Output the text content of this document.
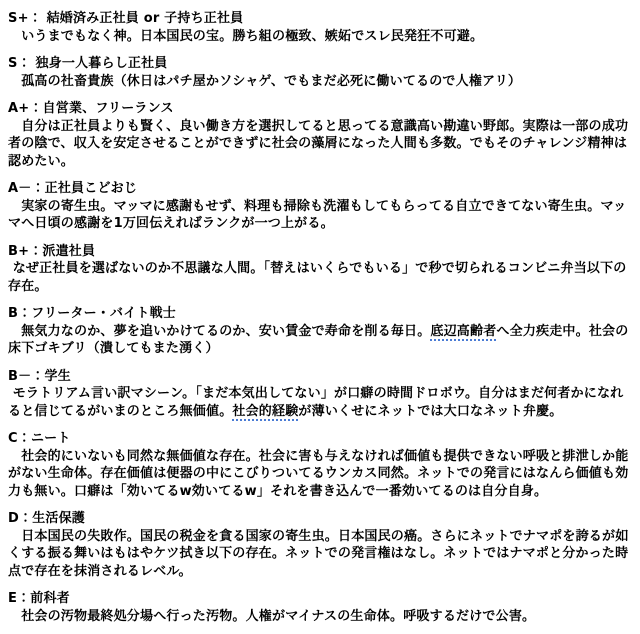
S+： 結婚済み正社員 or 子持ち正社員
　いうまでもなく神。日本国民の宝。勝ち組の極致、嫉妬でスレ民発狂不可避。
S： 独身一人暮らし正社員
　孤高の社畜貴族（休日はパチ屋かソシャゲ、でもまだ必死に働いてるので人権アリ）
A+：自営業、フリーランス
　自分は正社員よりも賢く、良い働き方を選択してると思ってる意識高い勘違い野郎。実際は一部の成功者の陰で、収入を安定させることができずに社会の藻屑になった人間も多数。でもそのチャレンジ精神は認めたい。
A－：正社員こどおじ
　実家の寄生虫。マッマに感謝もせず、料理も掃除も洗濯もしてもらってる自立できてない寄生虫。マッマへ日頃の感謝を1万回伝えればランクが一つ上がる。
B+：派遣社員
なぜ正社員を選ばないのか不思議な人間。「替えはいくらでもいる」で秒で切られるコンビニ弁当以下の存在。
B：フリーター・バイト戦士
　無気力なのか、夢を追いかけてるのか、安い賃金で寿命を削る毎日。底辺高齢者へ全力疾走中。社会の床下ゴキブリ（潰してもまた湧く）
B－：学生
モラトリアム言い訳マシーン。「まだ本気出してない」が口癖の時間ドロボウ。自分はまだ何者かになれると信じてるがいまのところ無価値。社会的経験が薄いくせにネットでは大口なネット弁慶。
C：ニート
　社会的にいないも同然な無価値な存在。社会に害も与えなければ価値も提供できない呼吸と排泄しか能がない生命体。存在価値は便器の中にこびりついてるウンカス同然。ネットでの発言にはなんら価値も効力も無い。口癖は「効いてるw効いてるw」それを書き込んで一番効いてるのは自分自身。
D：生活保護
　日本国民の失敗作。国民の税金を貪る国家の寄生虫。日本国民の癌。さらにネットでナマポを誇るが如くする振る舞いはもはやケツ拭き以下の存在。ネットでの発言権はなし。ネットではナマポと分かった時点で存在を抹消されるレベル。
E：前科者
　社会の汚物最終処分場へ行った汚物。人権がマイナスの生命体。呼吸するだけで公害。
